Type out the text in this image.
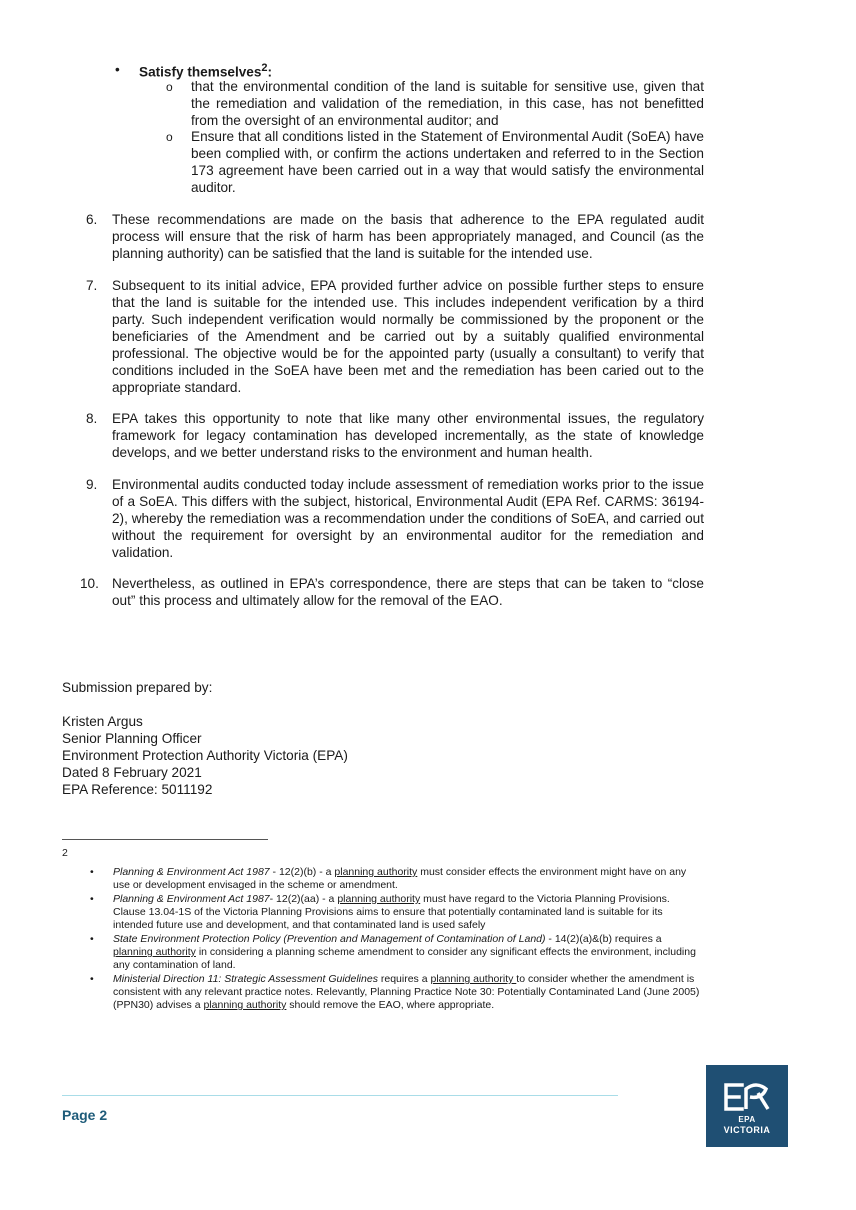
• Satisfy themselves$^2$:
o that the environmental condition of the land is suitable for sensitive use, given that the remediation and validation of the remediation, in this case, has not benefitted from the oversight of an environmental auditor; and
o Ensure that all conditions listed in the Statement of Environmental Audit (SoEA) have been complied with, or confirm the actions undertaken and referred to in the Section 173 agreement have been carried out in a way that would satisfy the environmental auditor.
6. These recommendations are made on the basis that adherence to the EPA regulated audit process will ensure that the risk of harm has been appropriately managed, and Council (as the planning authority) can be satisfied that the land is suitable for the intended use.
7. Subsequent to its initial advice, EPA provided further advice on possible further steps to ensure that the land is suitable for the intended use. This includes independent verification by a third party. Such independent verification would normally be commissioned by the proponent or the beneficiaries of the Amendment and be carried out by a suitably qualified environmental professional. The objective would be for the appointed party (usually a consultant) to verify that conditions included in the SoEA have been met and the remediation has been caried out to the appropriate standard.
8. EPA takes this opportunity to note that like many other environmental issues, the regulatory framework for legacy contamination has developed incrementally, as the state of knowledge develops, and we better understand risks to the environment and human health.
9. Environmental audits conducted today include assessment of remediation works prior to the issue of a SoEA. This differs with the subject, historical, Environmental Audit (EPA Ref. CARMS: 36194-2), whereby the remediation was a recommendation under the conditions of SoEA, and carried out without the requirement for oversight by an environmental auditor for the remediation and validation.
10. Nevertheless, as outlined in EPA’s correspondence, there are steps that can be taken to “close out” this process and ultimately allow for the removal of the EAO.
Submission prepared by:
Kristen Argus
Senior Planning Officer
Environment Protection Authority Victoria (EPA)
Dated 8 February 2021
EPA Reference: 5011192
2
• Planning & Environment Act 1987 - 12(2)(b) - a planning authority must consider effects the environment might have on any use or development envisaged in the scheme or amendment.
• Planning & Environment Act 1987- 12(2)(aa) - a planning authority must have regard to the Victoria Planning Provisions. Clause 13.04-1S of the Victoria Planning Provisions aims to ensure that potentially contaminated land is suitable for its intended future use and development, and that contaminated land is used safely
• State Environment Protection Policy (Prevention and Management of Contamination of Land) - 14(2)(a)&(b) requires a planning authority in considering a planning scheme amendment to consider any significant effects the environment, including any contamination of land.
• Ministerial Direction 11: Strategic Assessment Guidelines requires a planning authority to consider whether the amendment is consistent with any relevant practice notes. Relevantly, Planning Practice Note 30: Potentially Contaminated Land (June 2005) (PPN30) advises a planning authority should remove the EAO, where appropriate.
Page 2	EPA
VICTORIA
